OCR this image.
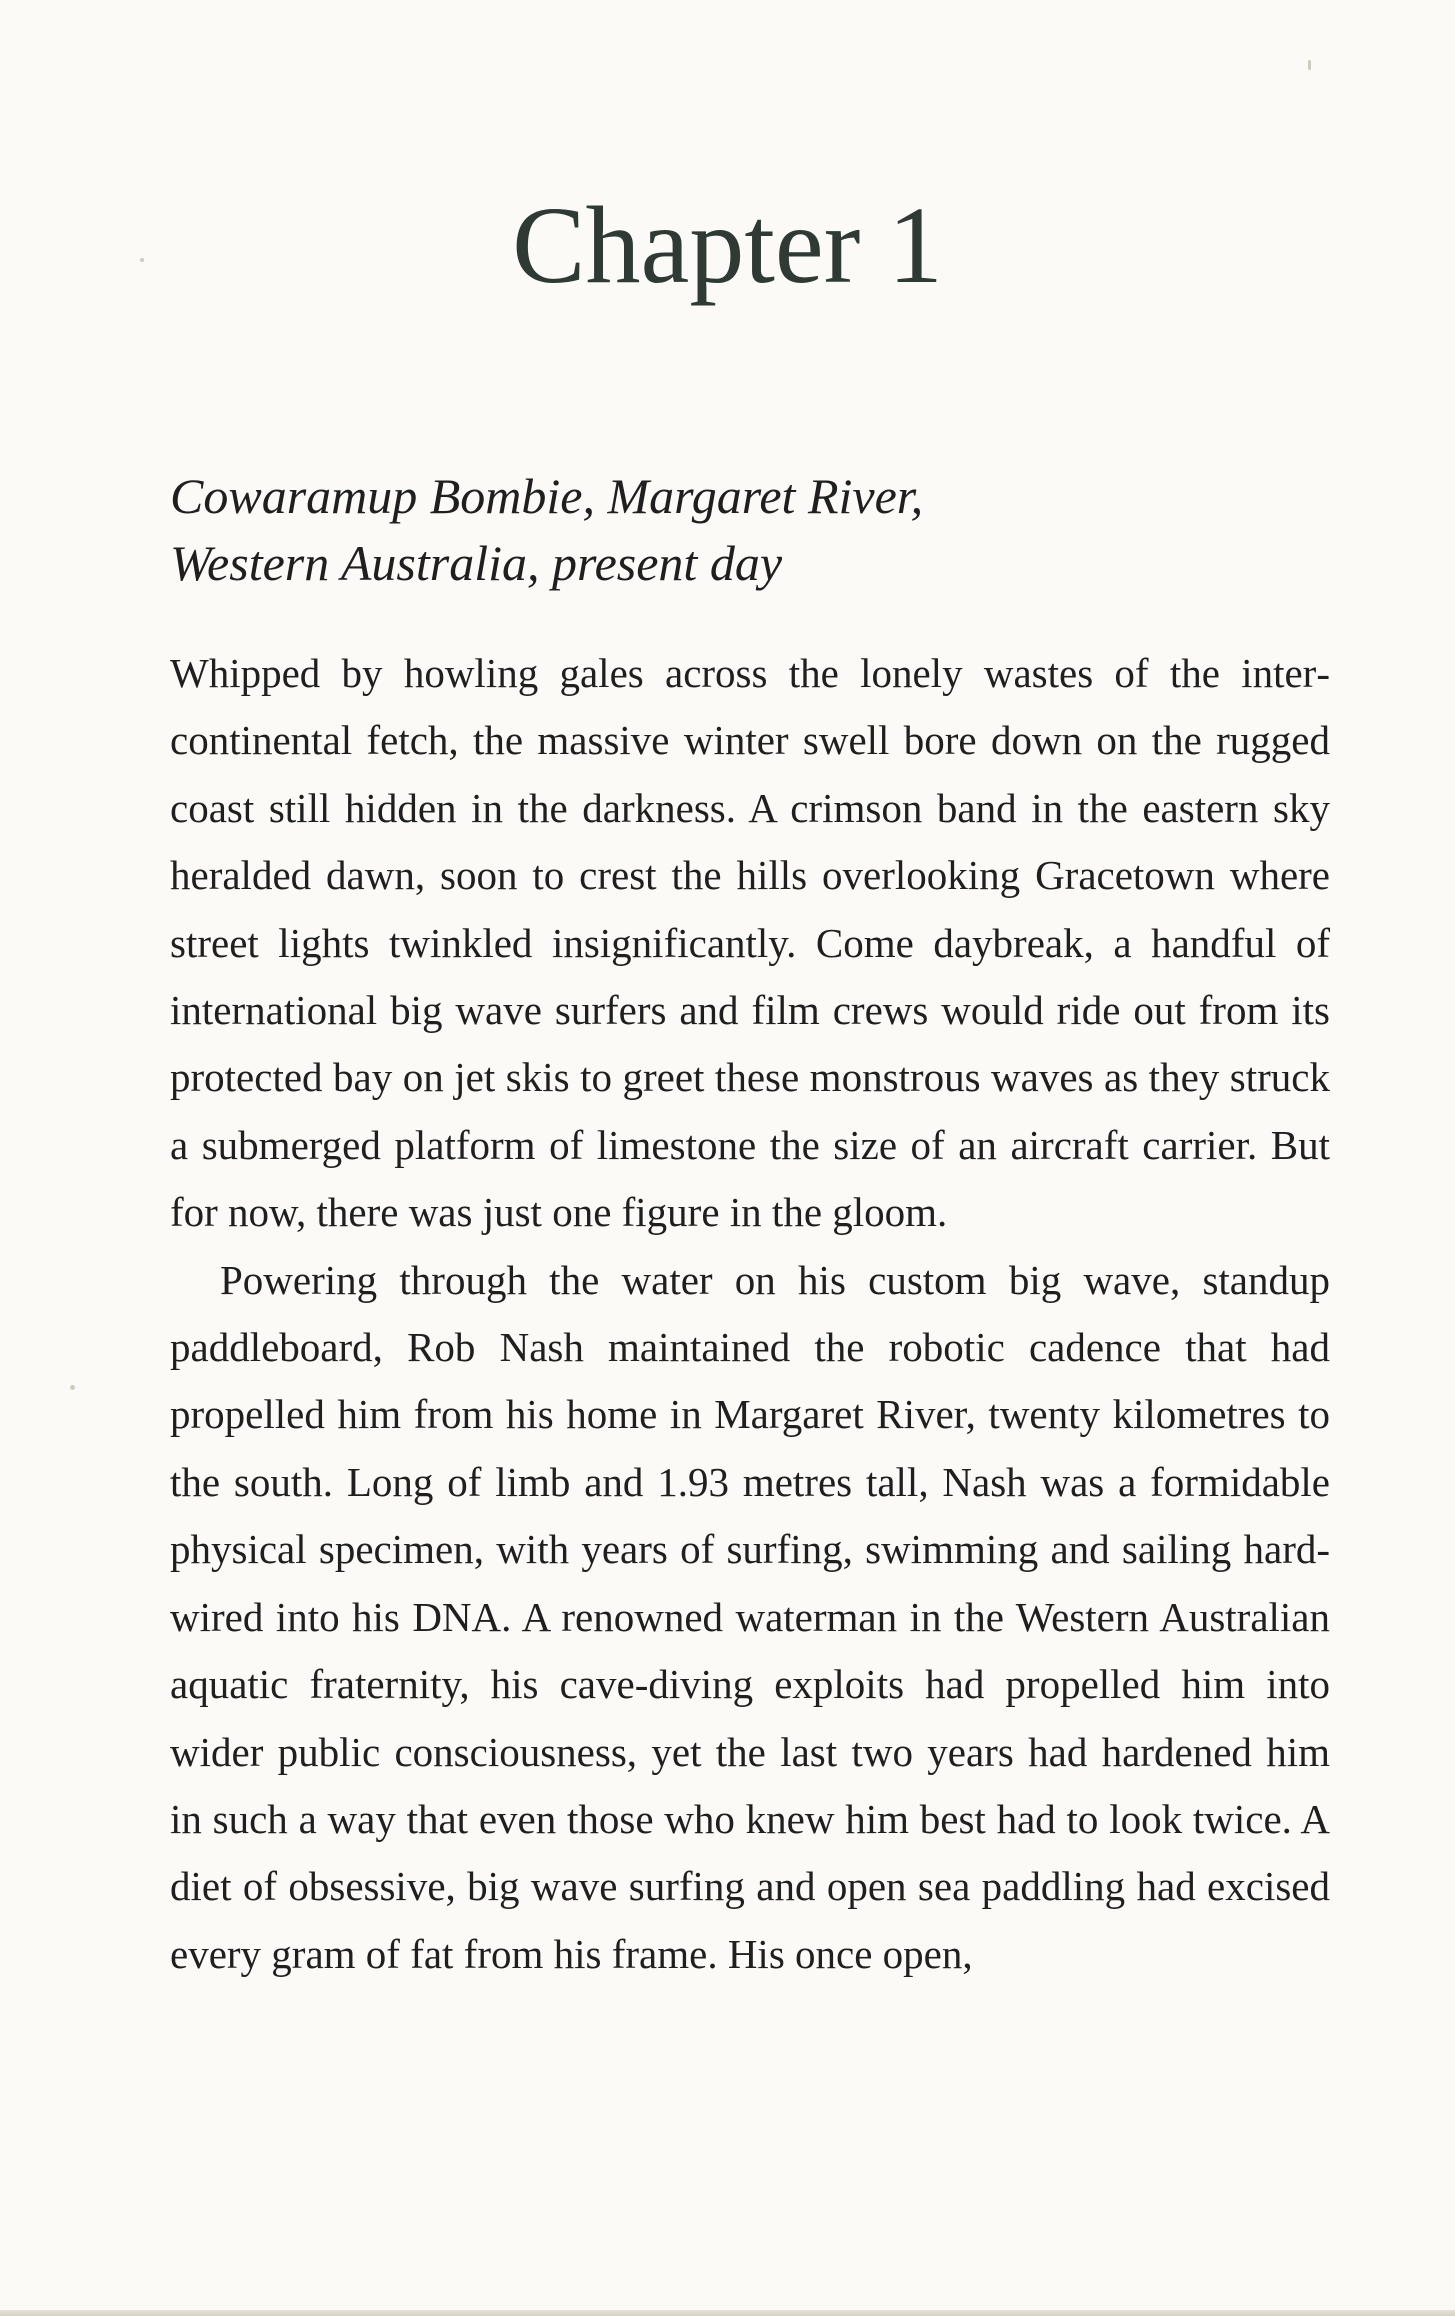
Chapter 1
Cowaramup Bombie, Margaret River,
Western Australia, present day

Whipped by howling gales across the lonely wastes of the intercontinental fetch, the massive winter swell bore down on the rugged coast still hidden in the darkness. A crimson band in the eastern sky heralded dawn, soon to crest the hills overlooking Gracetown where street lights twinkled insignificantly. Come daybreak, a handful of international big wave surfers and film crews would ride out from its protected bay on jet skis to greet these monstrous waves as they struck a submerged platform of limestone the size of an aircraft carrier. But for now, there was just one figure in the gloom.

Powering through the water on his custom big wave, standup paddleboard, Rob Nash maintained the robotic cadence that had propelled him from his home in Margaret River, twenty kilometres to the south. Long of limb and 1.93 metres tall, Nash was a formidable physical specimen, with years of surfing, swimming and sailing hard-wired into his DNA. A renowned waterman in the Western Australian aquatic fraternity, his cave-diving exploits had propelled him into wider public consciousness, yet the last two years had hardened him in such a way that even those who knew him best had to look twice. A diet of obsessive, big wave surfing and open sea paddling had excised every gram of fat from his frame. His once open,
